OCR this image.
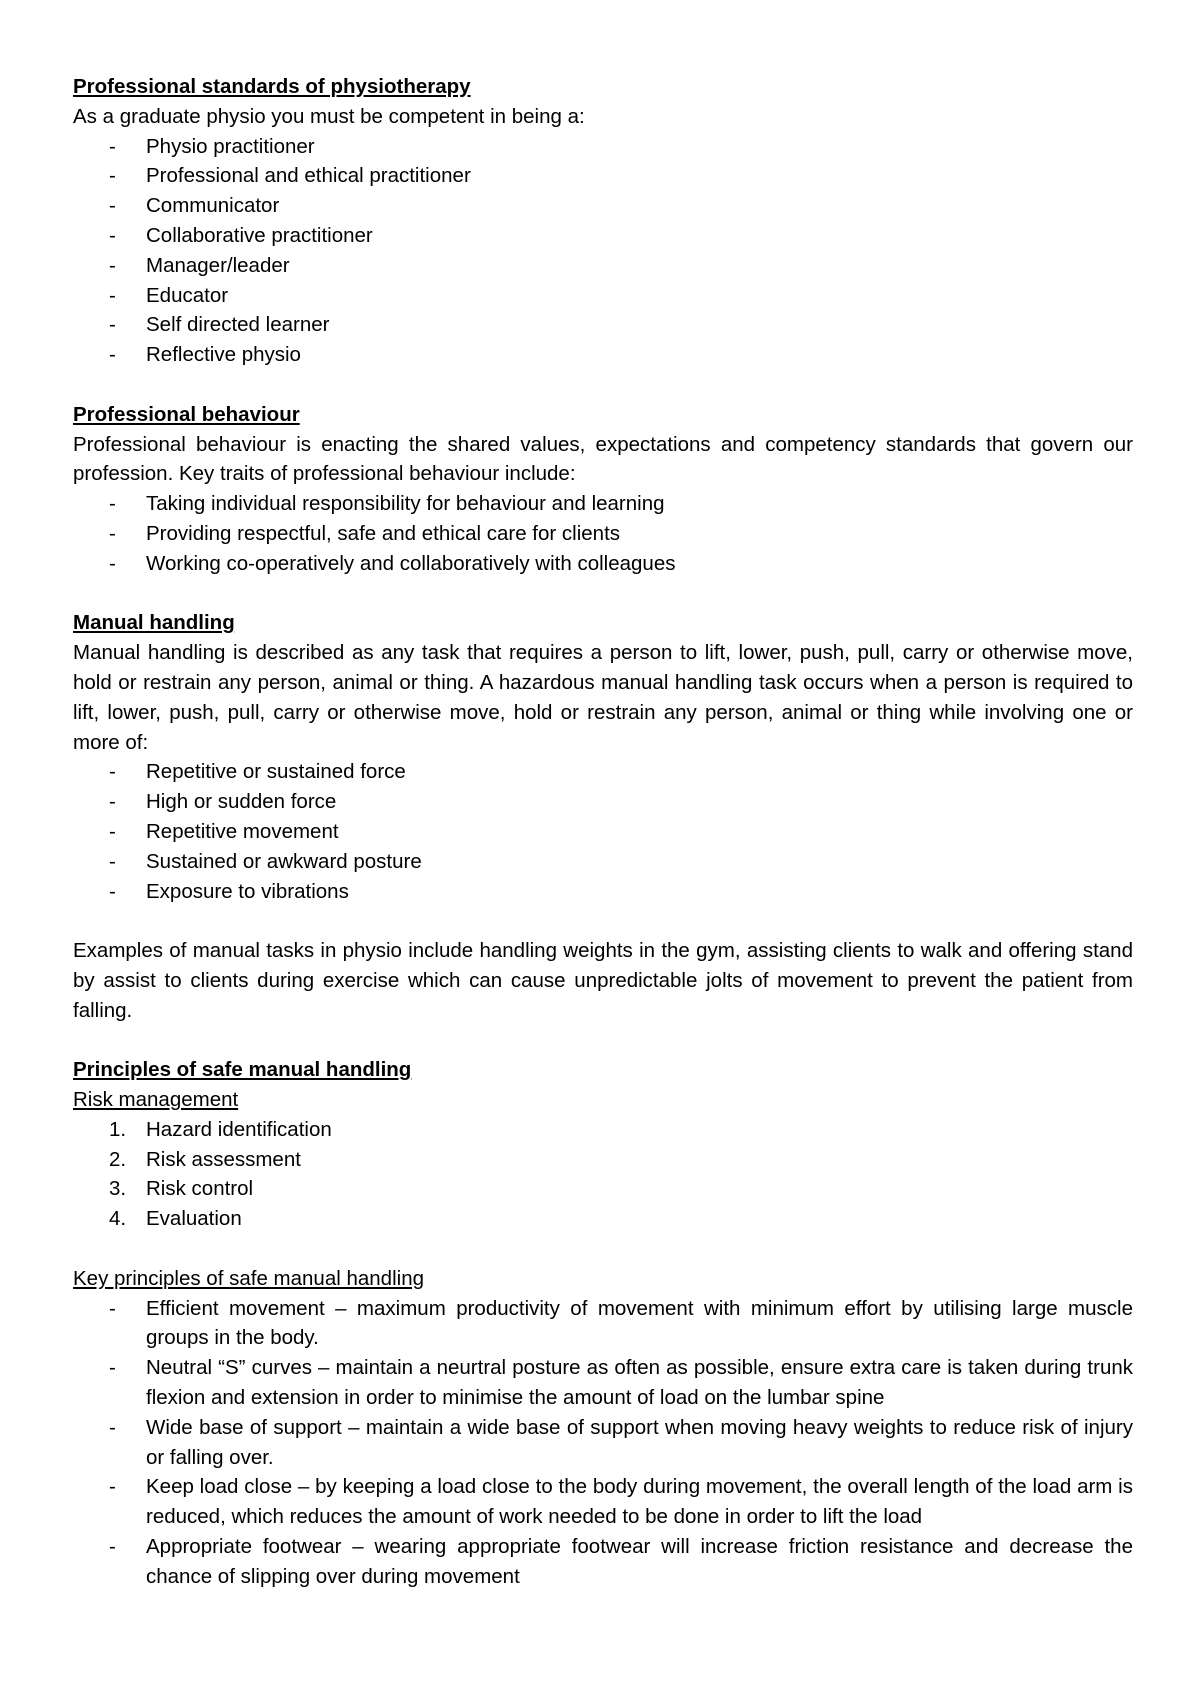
Professional standards of physiotherapy

As a graduate physio you must be competent in being a:

- Physio practitioner
- Professional and ethical practitioner
- Communicator
- Collaborative practitioner
- Manager/leader
- Educator
- Self directed learner
- Reflective physio

Professional behaviour

Professional behaviour is enacting the shared values, expectations and competency standards that govern our profession. Key traits of professional behaviour include:

- Taking individual responsibility for behaviour and learning
- Providing respectful, safe and ethical care for clients
- Working co-operatively and collaboratively with colleagues

Manual handling

Manual handling is described as any task that requires a person to lift, lower, push, pull, carry or otherwise move, hold or restrain any person, animal or thing. A hazardous manual handling task occurs when a person is required to lift, lower, push, pull, carry or otherwise move, hold or restrain any person, animal or thing while involving one or more of:

- Repetitive or sustained force
- High or sudden force
- Repetitive movement
- Sustained or awkward posture
- Exposure to vibrations

Examples of manual tasks in physio include handling weights in the gym, assisting clients to walk and offering stand by assist to clients during exercise which can cause unpredictable jolts of movement to prevent the patient from falling.

Principles of safe manual handling

Risk management

1. Hazard identification
2. Risk assessment
3. Risk control
4. Evaluation

Key principles of safe manual handling

- Efficient movement – maximum productivity of movement with minimum effort by utilising large muscle groups in the body.
- Neutral “S” curves – maintain a neurtral posture as often as possible, ensure extra care is taken during trunk flexion and extension in order to minimise the amount of load on the lumbar spine
- Wide base of support – maintain a wide base of support when moving heavy weights to reduce risk of injury or falling over.
- Keep load close – by keeping a load close to the body during movement, the overall length of the load arm is reduced, which reduces the amount of work needed to be done in order to lift the load
- Appropriate footwear – wearing appropriate footwear will increase friction resistance and decrease the chance of slipping over during movement
